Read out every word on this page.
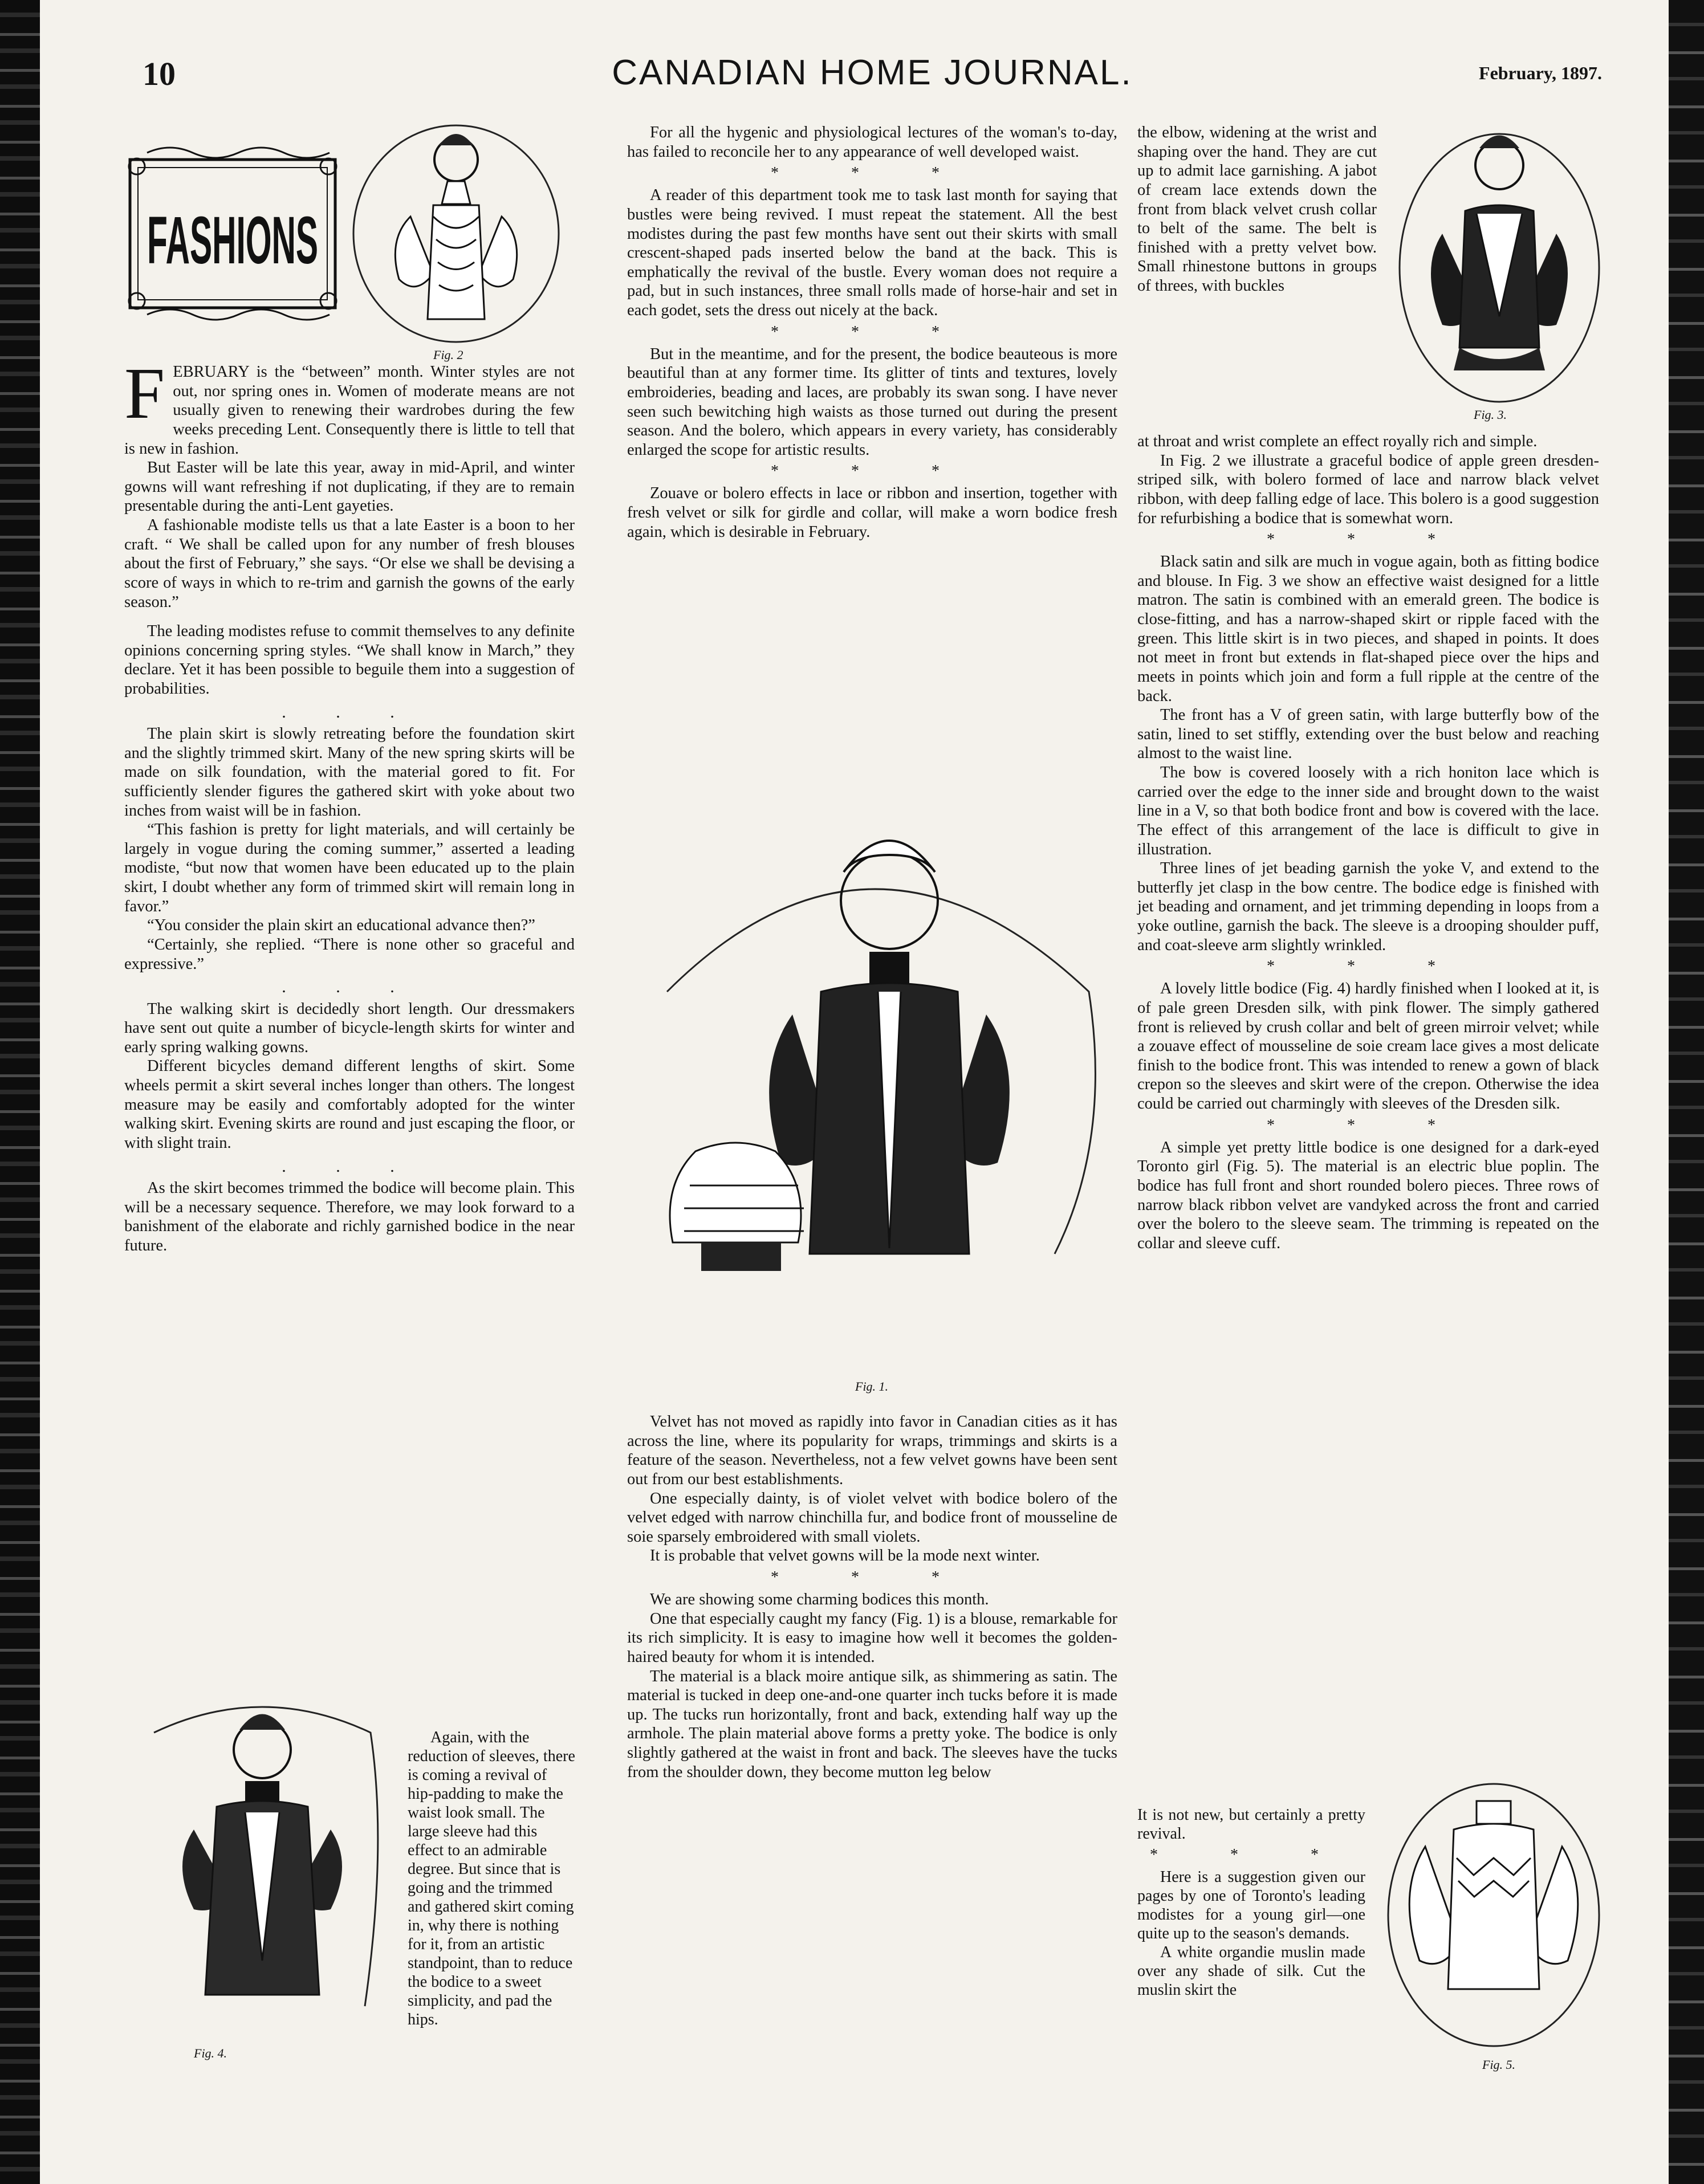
10	CANADIAN HOME JOURNAL.	February, 1897.
FASHIONS
Fig. 2

FEBRUARY is the “between” month. Winter styles are not out, nor spring ones in. Women of moderate means are not usually given to renewing their wardrobes during the few weeks preceding Lent. Consequently there is little to tell that is new in fashion.

But Easter will be late this year, away in mid-April, and winter gowns will want refreshing if not duplicating, if they are to remain presentable during the anti-Lent gayeties.

A fashionable modiste tells us that a late Easter is a boon to her craft. “ We shall be called upon for any number of fresh blouses about the first of February,” she says. “Or else we shall be devising a score of ways in which to re-trim and garnish the gowns of the early season.”

The leading modistes refuse to commit themselves to any definite opinions concerning spring styles. “We shall know in March,” they declare. Yet it has been possible to beguile them into a suggestion of probabilities.

. . .

The plain skirt is slowly retreating before the foundation skirt and the slightly trimmed skirt. Many of the new spring skirts will be made on silk foundation, with the material gored to fit. For sufficiently slender figures the gathered skirt with yoke about two inches from waist will be in fashion.

“This fashion is pretty for light materials, and will certainly be largely in vogue during the coming summer,” asserted a leading modiste, “but now that women have been educated up to the plain skirt, I doubt whether any form of trimmed skirt will remain long in favor.”

“You consider the plain skirt an educational advance then?”

“Certainly, she replied. “There is none other so graceful and expressive.”

. . .

The walking skirt is decidedly short length. Our dressmakers have sent out quite a number of bicycle-length skirts for winter and early spring walking gowns.

Different bicycles demand different lengths of skirt. Some wheels permit a skirt several inches longer than others. The longest measure may be easily and comfortably adopted for the winter walking skirt. Evening skirts are round and just escaping the floor, or with slight train.

. . .

As the skirt becomes trimmed the bodice will become plain. This will be a necessary sequence. Therefore, we may look forward to a banishment of the elaborate and richly garnished bodice in the near future.

Fig. 4.

Again, with the reduction of sleeves, there is coming a revival of hip-padding to make the waist look small. The large sleeve had this effect to an admirable degree. But since that is going and the trimmed and gathered skirt coming in, why there is nothing for it, from an artistic standpoint, than to reduce the bodice to a sweet simplicity, and pad the hips.

For all the hygenic and physiological lectures of the woman's to-day, has failed to reconcile her to any appearance of well developed waist.

* * *

A reader of this department took me to task last month for saying that bustles were being revived. I must repeat the statement. All the best modistes during the past few months have sent out their skirts with small crescent-shaped pads inserted below the band at the back. This is emphatically the revival of the bustle. Every woman does not require a pad, but in such instances, three small rolls made of horse-hair and set in each godet, sets the dress out nicely at the back.

* * *

But in the meantime, and for the present, the bodice beauteous is more beautiful than at any former time. Its glitter of tints and textures, lovely embroideries, beading and laces, are probably its swan song. I have never seen such bewitching high waists as those turned out during the present season. And the bolero, which appears in every variety, has considerably enlarged the scope for artistic results.

* * *

Zouave or bolero effects in lace or ribbon and insertion, together with fresh velvet or silk for girdle and collar, will make a worn bodice fresh again, which is desirable in February.

Fig. 1.

Velvet has not moved as rapidly into favor in Canadian cities as it has across the line, where its popularity for wraps, trimmings and skirts is a feature of the season. Nevertheless, not a few velvet gowns have been sent out from our best establishments.

One especially dainty, is of violet velvet with bodice bolero of the velvet edged with narrow chinchilla fur, and bodice front of mousseline de soie sparsely embroidered with small violets.

It is probable that velvet gowns will be la mode next winter.

* * *

We are showing some charming bodices this month.

One that especially caught my fancy (Fig. 1) is a blouse, remarkable for its rich simplicity. It is easy to imagine how well it becomes the golden-haired beauty for whom it is intended.

The material is a black moire antique silk, as shimmering as satin. The material is tucked in deep one-and-one quarter inch tucks before it is made up. The tucks run horizontally, front and back, extending half way up the armhole. The plain material above forms a pretty yoke. The bodice is only slightly gathered at the waist in front and back. The sleeves have the tucks from the shoulder down, they become mutton leg below

the elbow, widening at the wrist and shaping over the hand. They are cut up to admit lace garnishing. A jabot of cream lace extends down the front from black velvet crush collar to belt of the same. The belt is finished with a pretty velvet bow. Small rhinestone buttons in groups of threes, with buckles

Fig. 3.

at throat and wrist complete an effect royally rich and simple.

In Fig. 2 we illustrate a graceful bodice of apple green dresden-striped silk, with bolero formed of lace and narrow black velvet ribbon, with deep falling edge of lace. This bolero is a good suggestion for refurbishing a bodice that is somewhat worn.

* * *

Black satin and silk are much in vogue again, both as fitting bodice and blouse. In Fig. 3 we show an effective waist designed for a little matron. The satin is combined with an emerald green. The bodice is close-fitting, and has a narrow-shaped skirt or ripple faced with the green. This little skirt is in two pieces, and shaped in points. It does not meet in front but extends in flat-shaped piece over the hips and meets in points which join and form a full ripple at the centre of the back.

The front has a V of green satin, with large butterfly bow of the satin, lined to set stiffly, extending over the bust below and reaching almost to the waist line.

The bow is covered loosely with a rich honiton lace which is carried over the edge to the inner side and brought down to the waist line in a V, so that both bodice front and bow is covered with the lace. The effect of this arrangement of the lace is difficult to give in illustration.

Three lines of jet beading garnish the yoke V, and extend to the butterfly jet clasp in the bow centre. The bodice edge is finished with jet beading and ornament, and jet trimming depending in loops from a yoke outline, garnish the back. The sleeve is a drooping shoulder puff, and coat-sleeve arm slightly wrinkled.

* * *

A lovely little bodice (Fig. 4) hardly finished when I looked at it, is of pale green Dresden silk, with pink flower. The simply gathered front is relieved by crush collar and belt of green mirroir velvet; while a zouave effect of mousseline de soie cream lace gives a most delicate finish to the bodice front. This was intended to renew a gown of black crepon so the sleeves and skirt were of the crepon. Otherwise the idea could be carried out charmingly with sleeves of the Dresden silk.

* * *

A simple yet pretty little bodice is one designed for a dark-eyed Toronto girl (Fig. 5). The material is an electric blue poplin. The bodice has full front and short rounded bolero pieces. Three rows of narrow black ribbon velvet are vandyked across the front and carried over the bolero to the sleeve seam. The trimming is repeated on the collar and sleeve cuff.

It is not new, but certainly a pretty revival.

* * *

Here is a suggestion given our pages by one of Toronto's leading modistes for a young girl—one quite up to the season's demands.

A white organdie muslin made over any shade of silk. Cut the muslin skirt the

Fig. 5.
